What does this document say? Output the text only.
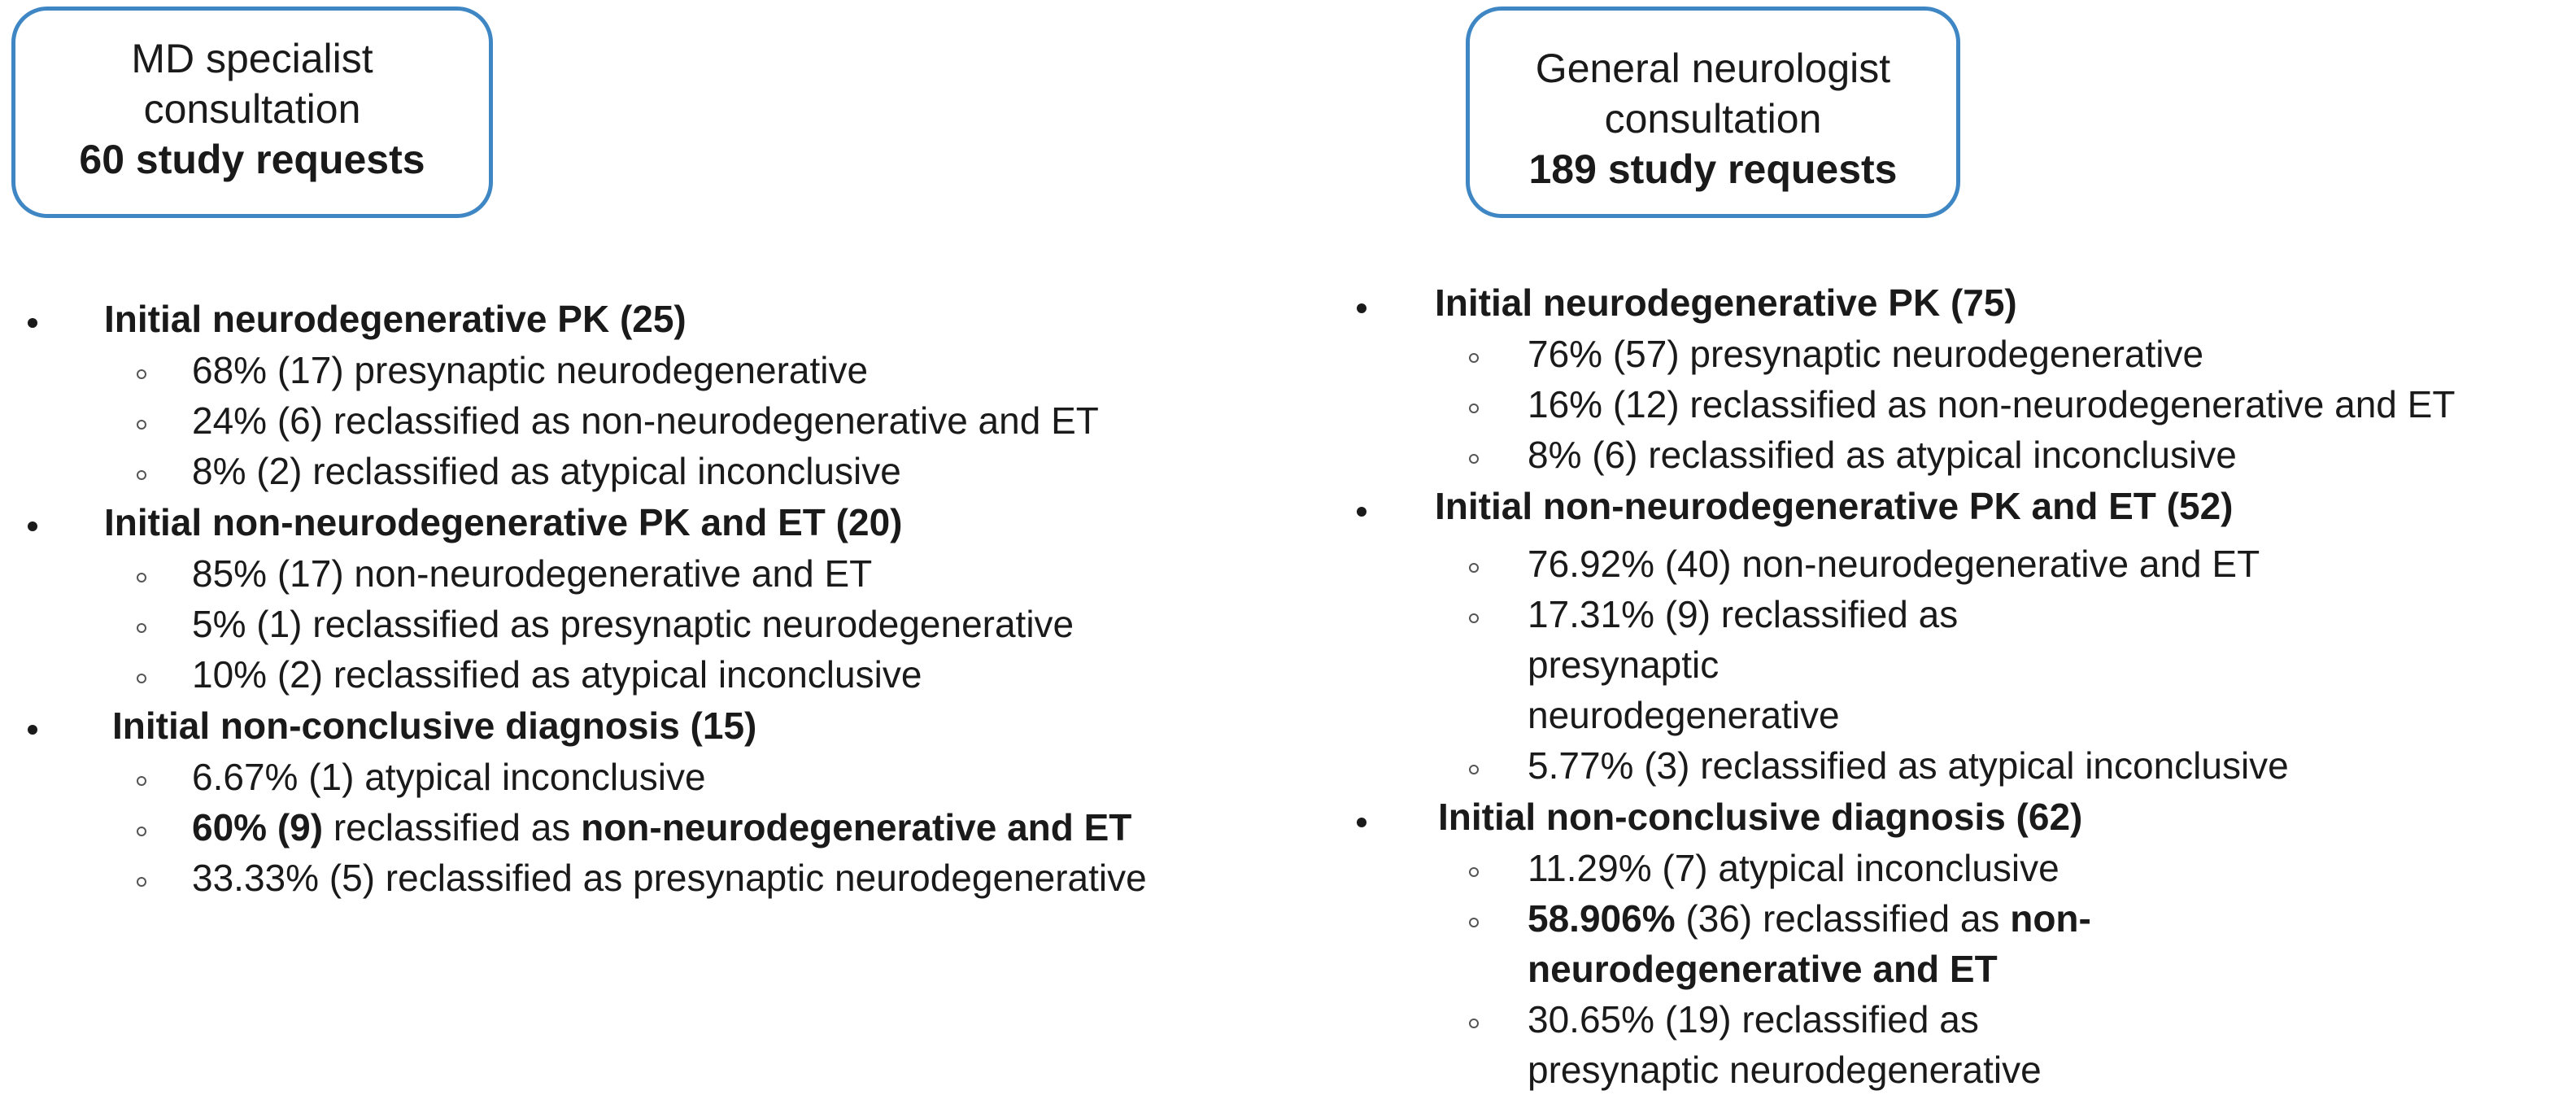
MD specialist
consultation
60 study requests
General neurologist
consultation
189 study requests
Initial neurodegenerative PK (25)
68% (17) presynaptic neurodegenerative
24% (6) reclassified as non-neurodegenerative and ET
8% (2) reclassified as atypical inconclusive
Initial non-neurodegenerative PK and ET (20)
85% (17) non-neurodegenerative and ET
5% (1) reclassified as presynaptic neurodegenerative
10% (2) reclassified as atypical inconclusive
Initial non-conclusive diagnosis (15)
6.67% (1) atypical inconclusive
60% (9) reclassified as non-neurodegenerative and ET
33.33% (5) reclassified as presynaptic neurodegenerative
Initial neurodegenerative PK (75)
76% (57) presynaptic neurodegenerative
16% (12) reclassified as non-neurodegenerative and ET
8% (6) reclassified as atypical inconclusive
Initial non-neurodegenerative PK and ET (52)
76.92% (40) non-neurodegenerative and ET
17.31% (9) reclassified as presynaptic neurodegenerative
5.77% (3) reclassified as atypical inconclusive
Initial non-conclusive diagnosis (62)
11.29% (7) atypical inconclusive
58.906% (36) reclassified as non-neurodegenerative and ET
30.65% (19) reclassified as presynaptic neurodegenerative
